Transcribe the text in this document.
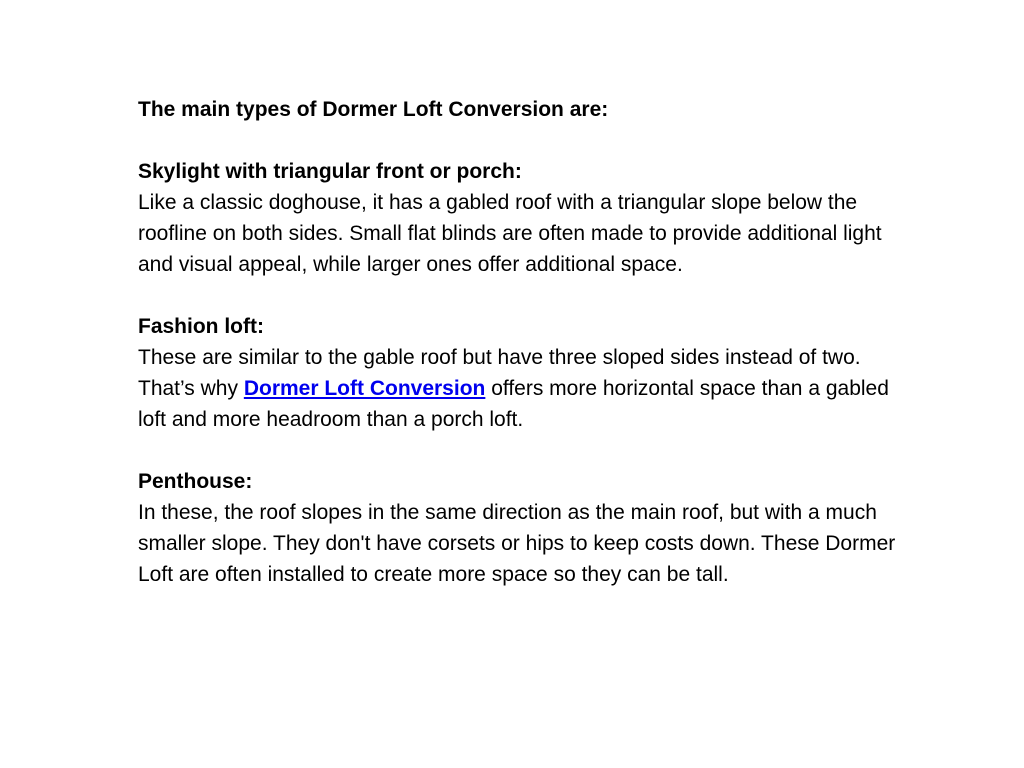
The main types of Dormer Loft Conversion are:

Skylight with triangular front or porch:

Like a classic doghouse, it has a gabled roof with a triangular slope below the roofline on both sides. Small flat blinds are often made to provide additional light and visual appeal, while larger ones offer additional space.

Fashion loft:

These are similar to the gable roof but have three sloped sides instead of two. That’s why Dormer Loft Conversion offers more horizontal space than a gabled loft and more headroom than a porch loft.

Penthouse:

In these, the roof slopes in the same direction as the main roof, but with a much smaller slope. They don't have corsets or hips to keep costs down. These Dormer Loft are often installed to create more space so they can be tall.
